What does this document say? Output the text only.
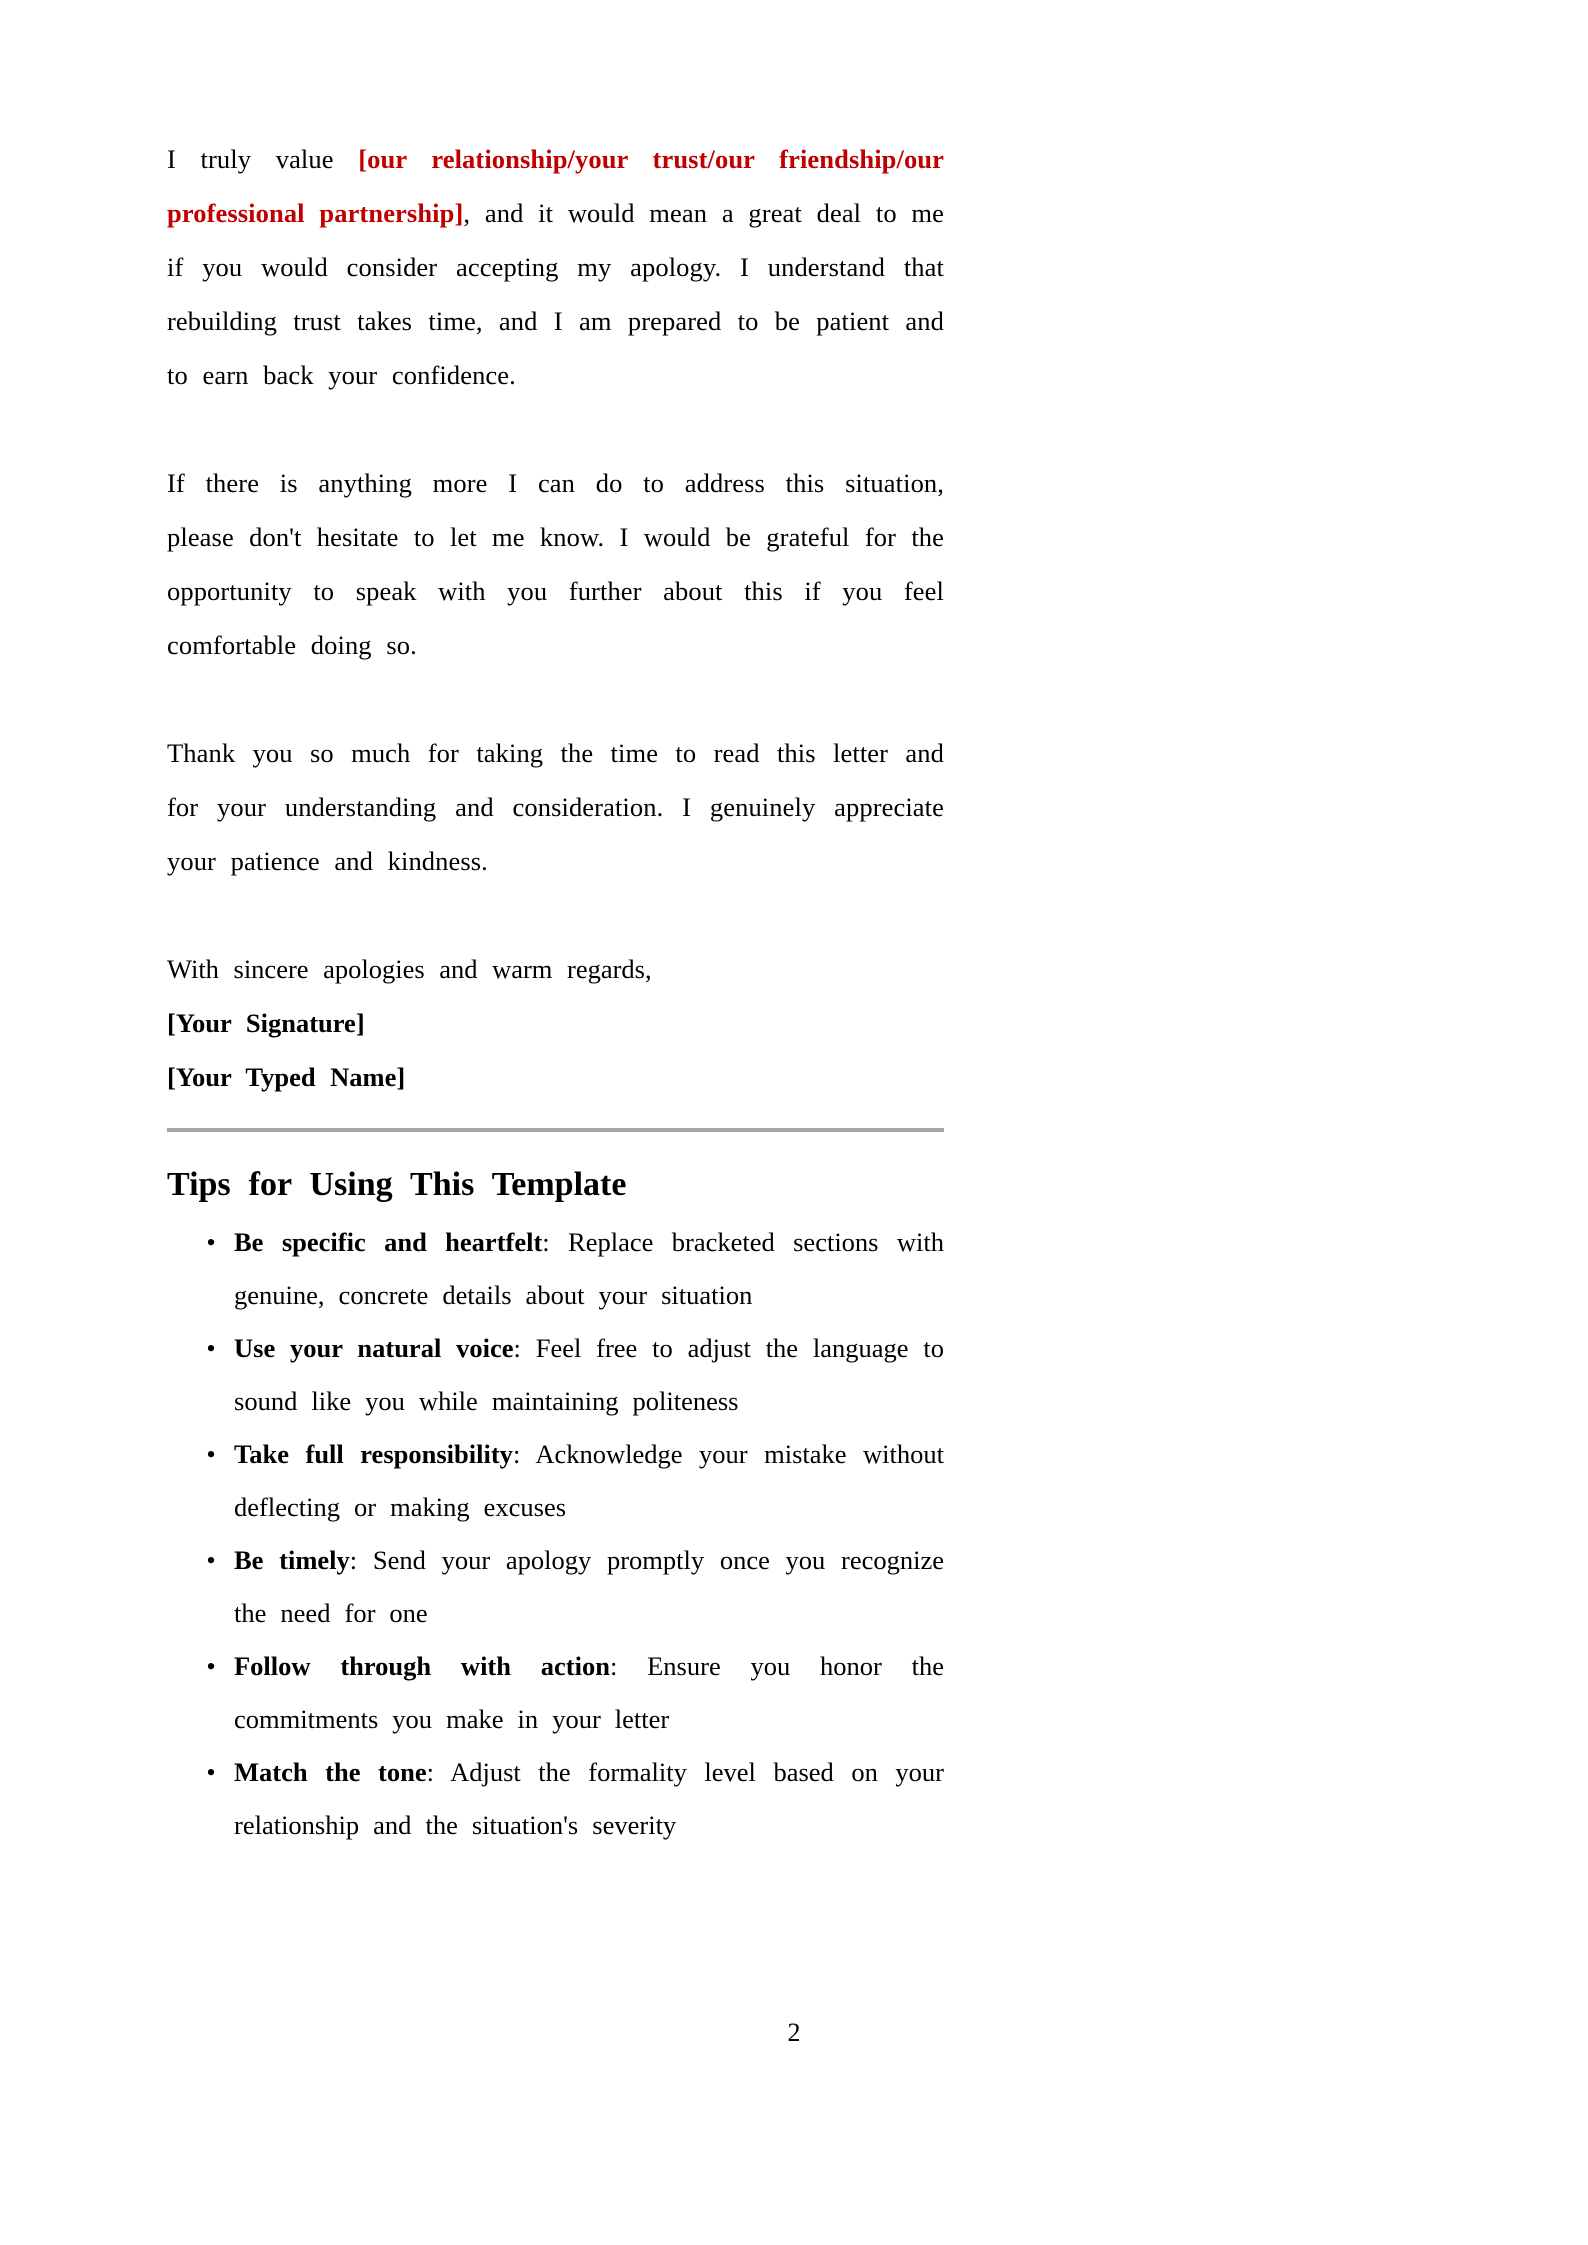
I truly value [our relationship/your trust/our friendship/our professional partnership], and it would mean a great deal to me if you would consider accepting my apology. I understand that rebuilding trust takes time, and I am prepared to be patient and to earn back your confidence.

If there is anything more I can do to address this situation, please don't hesitate to let me know. I would be grateful for the opportunity to speak with you further about this if you feel comfortable doing so.

Thank you so much for taking the time to read this letter and for your understanding and consideration. I genuinely appreciate your patience and kindness.

With sincere apologies and warm regards,

[Your Signature]

[Your Typed Name]

Tips for Using This Template
• Be specific and heartfelt: Replace bracketed sections with genuine, concrete details about your situation
• Use your natural voice: Feel free to adjust the language to sound like you while maintaining politeness
• Take full responsibility: Acknowledge your mistake without deflecting or making excuses
• Be timely: Send your apology promptly once you recognize the need for one
• Follow through with action: Ensure you honor the commitments you make in your letter
• Match the tone: Adjust the formality level based on your relationship and the situation's severity
2
